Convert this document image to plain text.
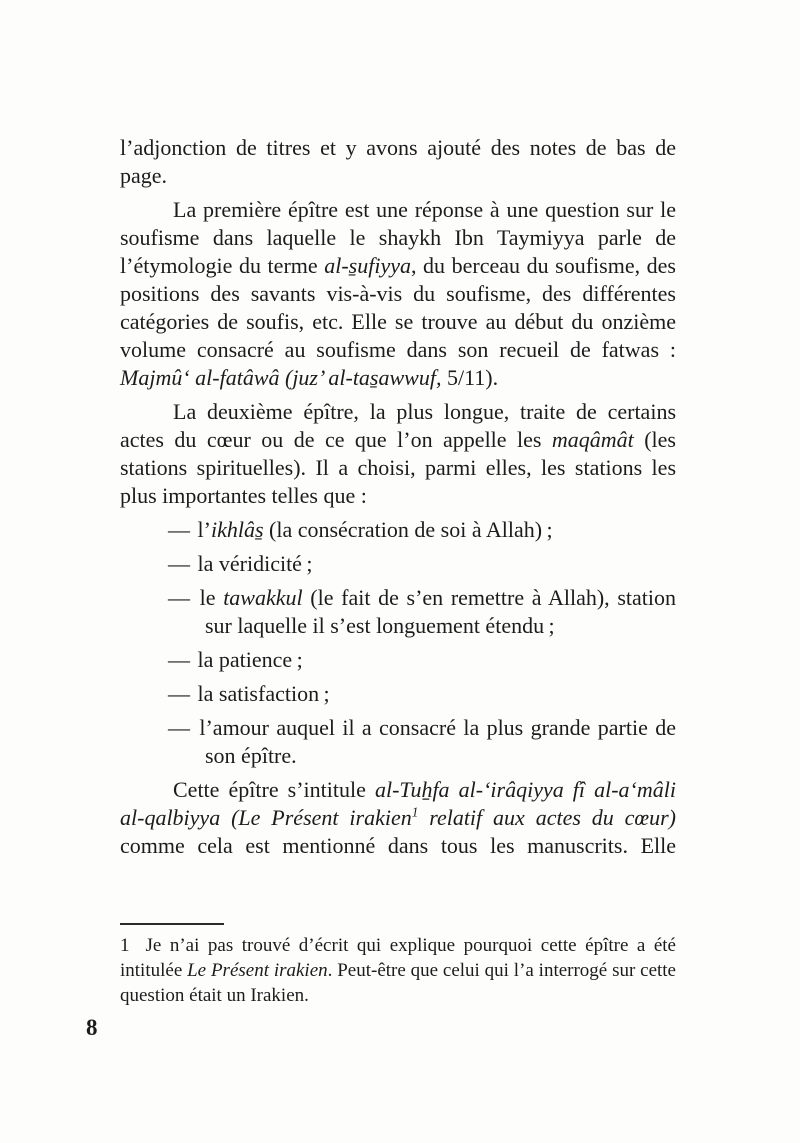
l’adjonction de titres et y avons ajouté des notes de bas de page.
La première épître est une réponse à une question sur le soufisme dans laquelle le shaykh Ibn Taymiyya parle de l’étymologie du terme al-s̱ufiyya, du berceau du soufisme, des positions des savants vis-à-vis du soufisme, des différentes catégories de soufis, etc. Elle se trouve au début du onzième volume consacré au soufisme dans son recueil de fatwas : Majmû‘ al-fatâwâ (juz’ al-tas̱awwuf, 5/11).
La deuxième épître, la plus longue, traite de certains actes du cœur ou de ce que l’on appelle les maqâmât (les stations spirituelles). Il a choisi, parmi elles, les stations les plus importantes telles que :
— l’ikhlâs̱ (la consécration de soi à Allah) ;
— la véridicité ;
— le tawakkul (le fait de s’en remettre à Allah), station sur laquelle il s’est longuement étendu ;
— la patience ;
— la satisfaction ;
— l’amour auquel il a consacré la plus grande partie de son épître.
Cette épître s’intitule al-Tuẖfa al-‘irâqiyya fî al-a‘mâli al-qalbiyya (Le Présent irakien$^1$ relatif aux actes du cœur) comme cela est mentionné dans tous les manuscrits. Elle
1 Je n’ai pas trouvé d’écrit qui explique pourquoi cette épître a été intitulée Le Présent irakien. Peut-être que celui qui l’a interrogé sur cette question était un Irakien.
8
